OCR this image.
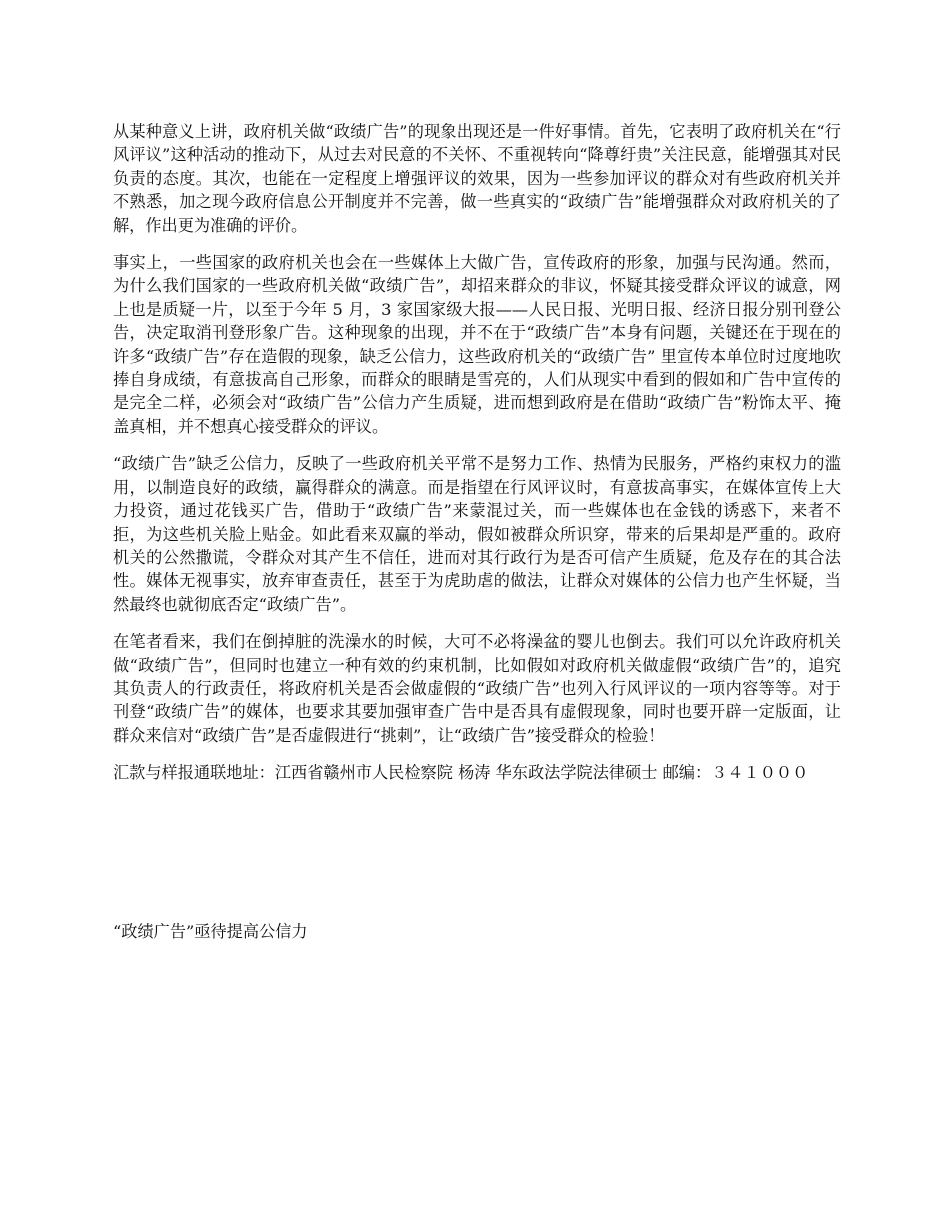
从某种意义上讲，政府机关做“政绩广告”的现象出现还是一件好事情。首先，它表明了政府机关在“行风评议”这种活动的推动下，从过去对民意的不关怀、不重视转向“降尊纡贵”关注民意，能增强其对民负责的态度。其次，也能在一定程度上增强评议的效果，因为一些参加评议的群众对有些政府机关并不熟悉，加之现今政府信息公开制度并不完善，做一些真实的“政绩广告”能增强群众对政府机关的了解，作出更为准确的评价。

事实上，一些国家的政府机关也会在一些媒体上大做广告，宣传政府的形象，加强与民沟通。然而，为什么我们国家的一些政府机关做“政绩广告”，却招来群众的非议，怀疑其接受群众评议的诚意，网上也是质疑一片，以至于今年 5 月，3 家国家级大报——人民日报、光明日报、经济日报分别刊登公告，决定取消刊登形象广告。这种现象的出现，并不在于“政绩广告”本身有问题，关键还在于现在的许多“政绩广告”存在造假的现象，缺乏公信力，这些政府机关的“政绩广告” 里宣传本单位时过度地吹捧自身成绩，有意拔高自己形象，而群众的眼睛是雪亮的，人们从现实中看到的假如和广告中宣传的是完全二样，必须会对“政绩广告”公信力产生质疑，进而想到政府是在借助“政绩广告”粉饰太平、掩盖真相，并不想真心接受群众的评议。

“政绩广告”缺乏公信力，反映了一些政府机关平常不是努力工作、热情为民服务，严格约束权力的滥用，以制造良好的政绩，赢得群众的满意。而是指望在行风评议时，有意拔高事实，在媒体宣传上大力投资，通过花钱买广告，借助于“政绩广告”来蒙混过关，而一些媒体也在金钱的诱惑下，来者不拒，为这些机关脸上贴金。如此看来双赢的举动，假如被群众所识穿，带来的后果却是严重的。政府机关的公然撒谎，令群众对其产生不信任，进而对其行政行为是否可信产生质疑，危及存在的其合法性。媒体无视事实，放弃审查责任，甚至于为虎助虐的做法，让群众对媒体的公信力也产生怀疑，当然最终也就彻底否定“政绩广告”。

在笔者看来，我们在倒掉脏的洗澡水的时候，大可不必将澡盆的婴儿也倒去。我们可以允许政府机关做“政绩广告”，但同时也建立一种有效的约束机制，比如假如对政府机关做虚假“政绩广告”的，追究其负责人的行政责任，将政府机关是否会做虚假的“政绩广告”也列入行风评议的一项内容等等。对于刊登“政绩广告”的媒体，也要求其要加强审查广告中是否具有虚假现象，同时也要开辟一定版面，让群众来信对“政绩广告”是否虚假进行“挑刺”，让“政绩广告”接受群众的检验！

汇款与样报通联地址：江西省赣州市人民检察院 杨涛 华东政法学院法律硕士 邮编：３４１０００

“政绩广告”亟待提高公信力
